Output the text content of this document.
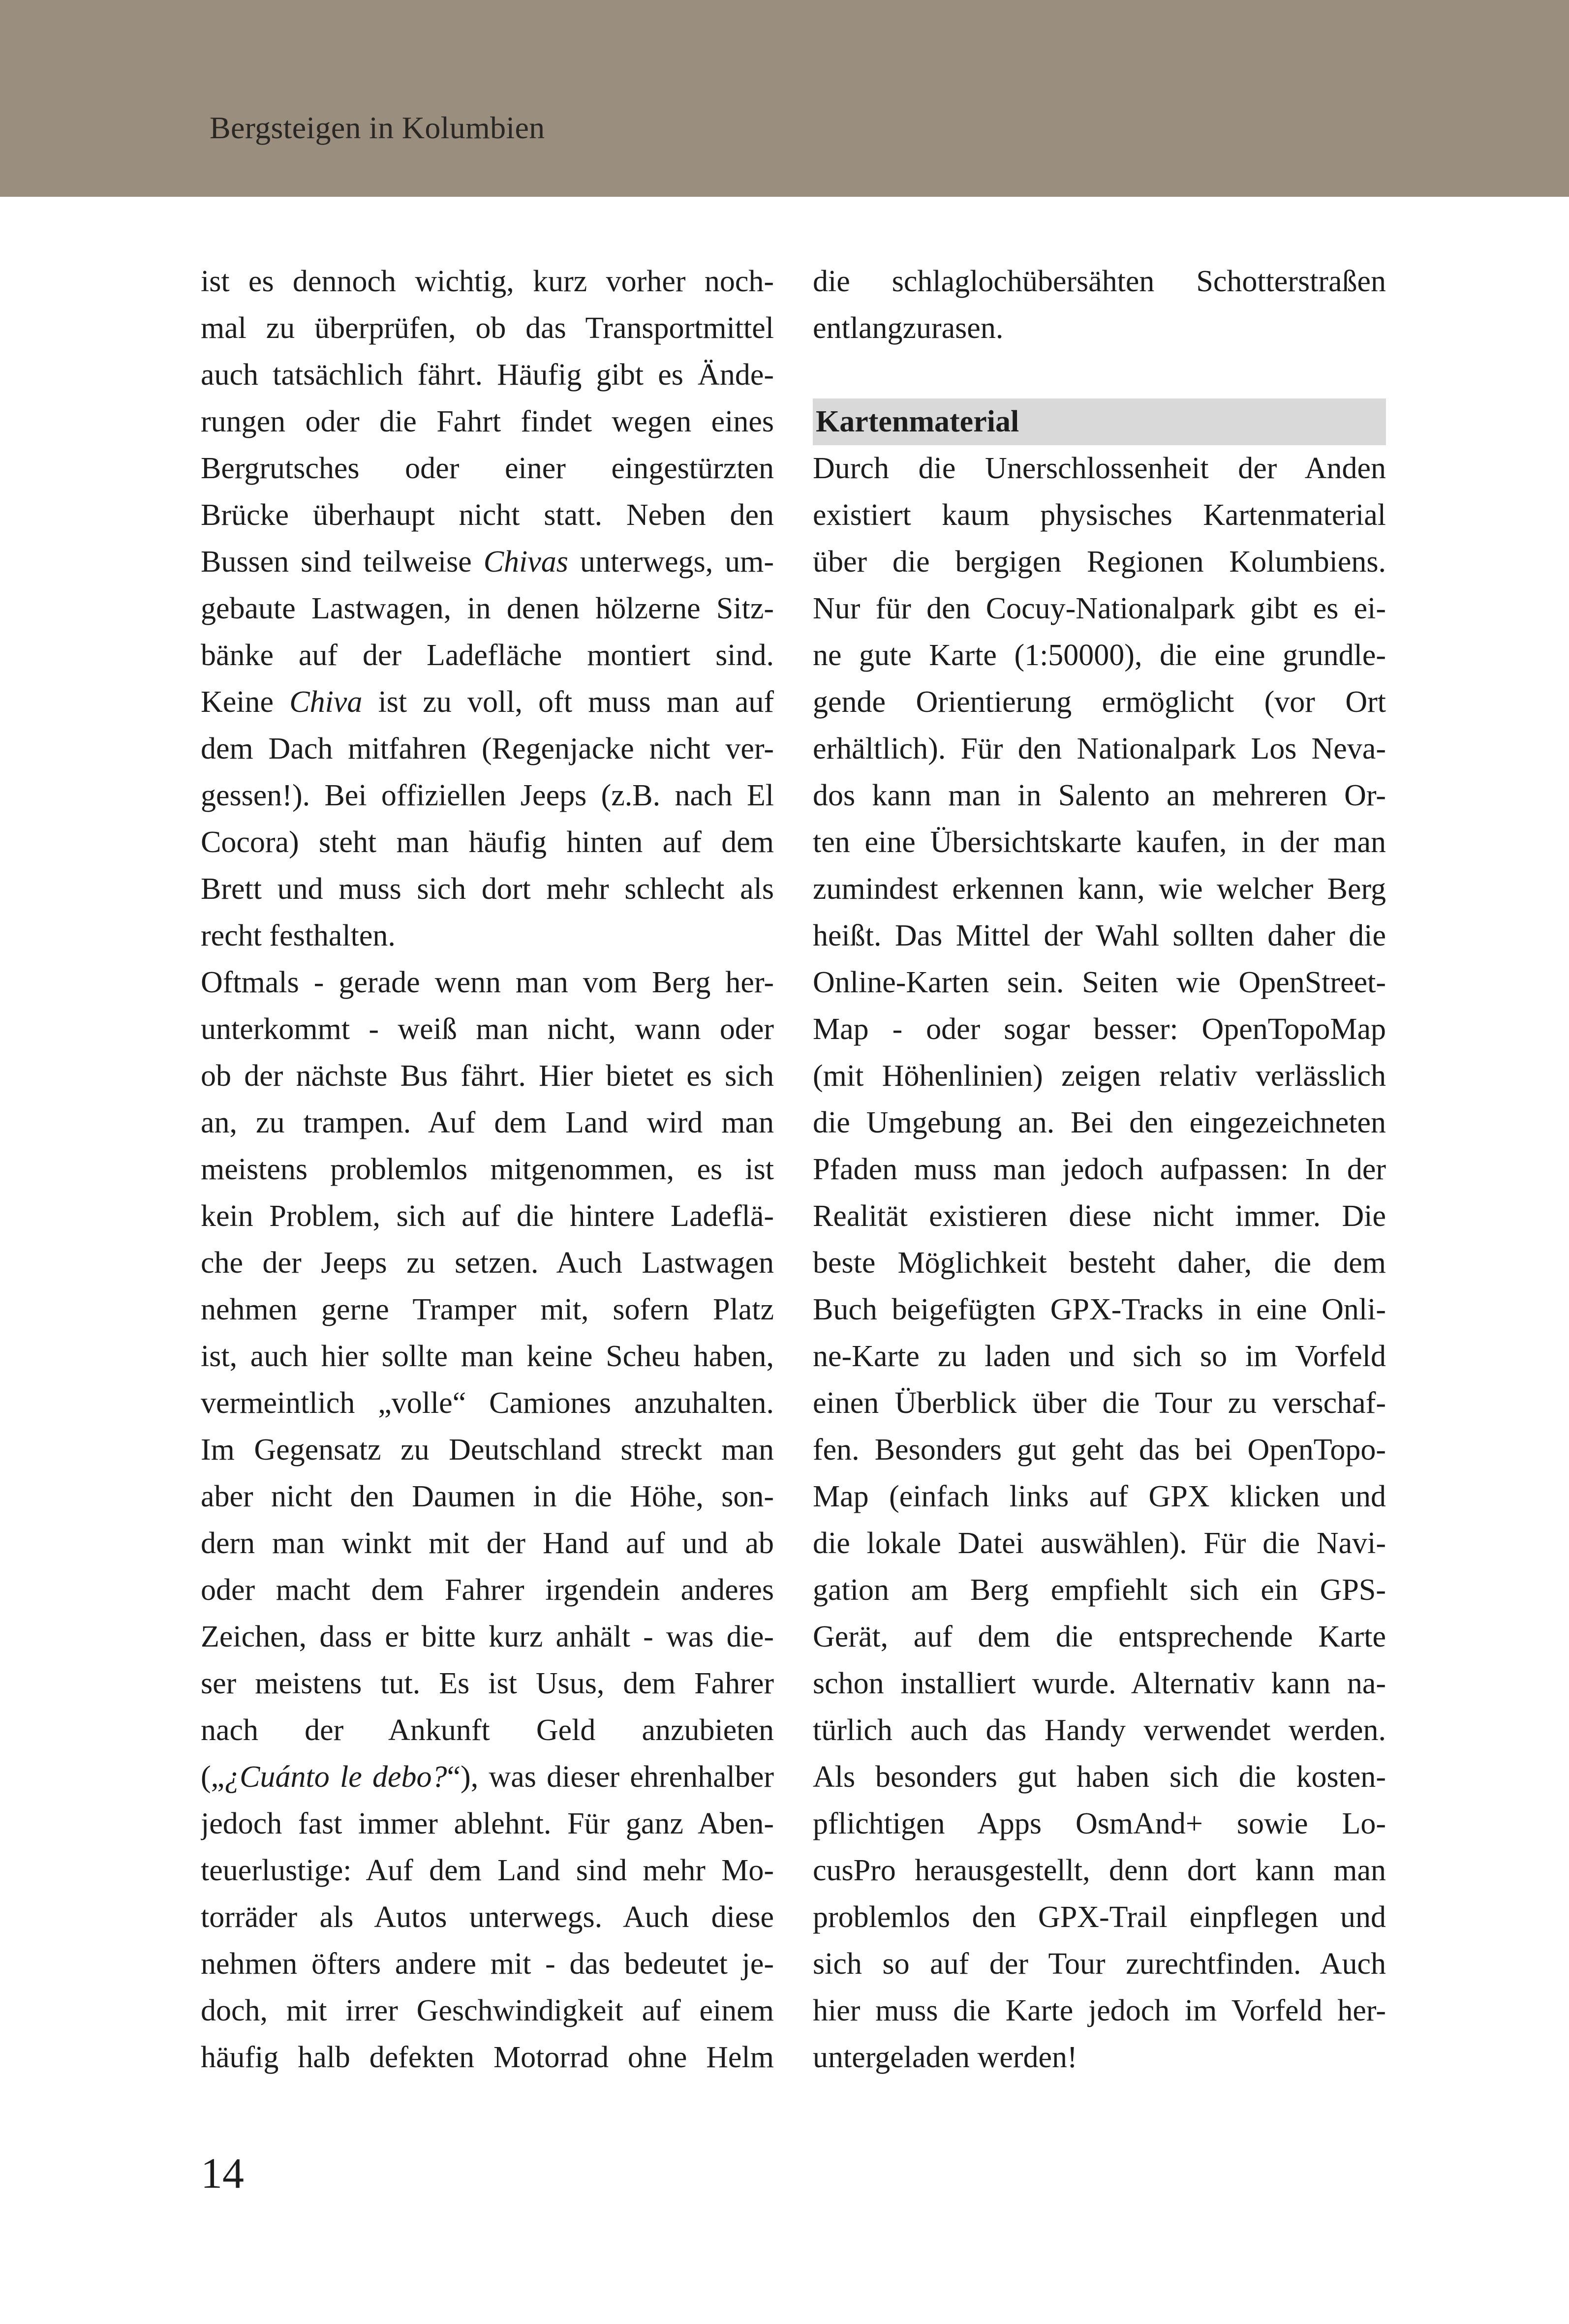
Bergsteigen in Kolumbien
ist es dennoch wichtig, kurz vorher noch-
mal zu überprüfen, ob das Transportmittel
auch tatsächlich fährt. Häufig gibt es Ände-
rungen oder die Fahrt findet wegen eines
Bergrutsches oder einer eingestürzten
Brücke überhaupt nicht statt. Neben den
Bussen sind teilweise Chivas unterwegs, um-
gebaute Lastwagen, in denen hölzerne Sitz-
bänke auf der Ladefläche montiert sind.
Keine Chiva ist zu voll, oft muss man auf
dem Dach mitfahren (Regenjacke nicht ver-
gessen!). Bei offiziellen Jeeps (z.B. nach El
Cocora) steht man häufig hinten auf dem
Brett und muss sich dort mehr schlecht als
recht festhalten.
Oftmals - gerade wenn man vom Berg her-
unterkommt - weiß man nicht, wann oder
ob der nächste Bus fährt. Hier bietet es sich
an, zu trampen. Auf dem Land wird man
meistens problemlos mitgenommen, es ist
kein Problem, sich auf die hintere Ladeflä-
che der Jeeps zu setzen. Auch Lastwagen
nehmen gerne Tramper mit, sofern Platz
ist, auch hier sollte man keine Scheu haben,
vermeintlich „volle“ Camiones anzuhalten.
Im Gegensatz zu Deutschland streckt man
aber nicht den Daumen in die Höhe, son-
dern man winkt mit der Hand auf und ab
oder macht dem Fahrer irgendein anderes
Zeichen, dass er bitte kurz anhält - was die-
ser meistens tut. Es ist Usus, dem Fahrer
nach der Ankunft Geld anzubieten
(„¿Cuánto le debo?“), was dieser ehrenhalber
jedoch fast immer ablehnt. Für ganz Aben-
teuerlustige: Auf dem Land sind mehr Mo-
torräder als Autos unterwegs. Auch diese
nehmen öfters andere mit - das bedeutet je-
doch, mit irrer Geschwindigkeit auf einem
häufig halb defekten Motorrad ohne Helm
die schlaglochübersähten Schotterstraßen
entlangzurasen.
Kartenmaterial
Durch die Unerschlossenheit der Anden
existiert kaum physisches Kartenmaterial
über die bergigen Regionen Kolumbiens.
Nur für den Cocuy-Nationalpark gibt es ei-
ne gute Karte (1:50000), die eine grundle-
gende Orientierung ermöglicht (vor Ort
erhältlich). Für den Nationalpark Los Neva-
dos kann man in Salento an mehreren Or-
ten eine Übersichtskarte kaufen, in der man
zumindest erkennen kann, wie welcher Berg
heißt. Das Mittel der Wahl sollten daher die
Online-Karten sein. Seiten wie OpenStreet-
Map - oder sogar besser: OpenTopoMap
(mit Höhenlinien) zeigen relativ verlässlich
die Umgebung an. Bei den eingezeichneten
Pfaden muss man jedoch aufpassen: In der
Realität existieren diese nicht immer. Die
beste Möglichkeit besteht daher, die dem
Buch beigefügten GPX-Tracks in eine Onli-
ne-Karte zu laden und sich so im Vorfeld
einen Überblick über die Tour zu verschaf-
fen. Besonders gut geht das bei OpenTopo-
Map (einfach links auf GPX klicken und
die lokale Datei auswählen). Für die Navi-
gation am Berg empfiehlt sich ein GPS-
Gerät, auf dem die entsprechende Karte
schon installiert wurde. Alternativ kann na-
türlich auch das Handy verwendet werden.
Als besonders gut haben sich die kosten-
pflichtigen Apps OsmAnd+ sowie Lo-
cusPro herausgestellt, denn dort kann man
problemlos den GPX-Trail einpflegen und
sich so auf der Tour zurechtfinden. Auch
hier muss die Karte jedoch im Vorfeld her-
untergeladen werden!
14
